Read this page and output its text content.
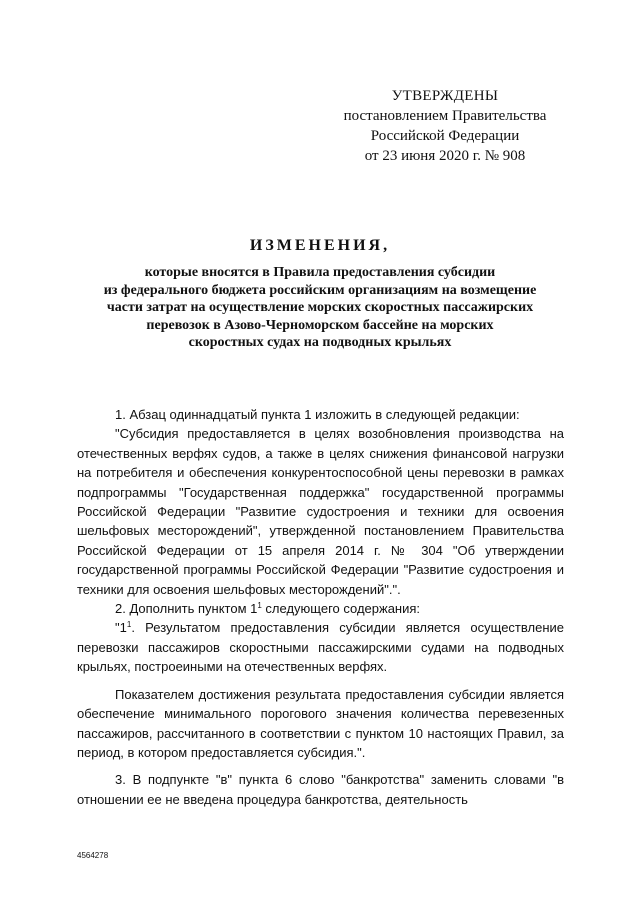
УТВЕРЖДЕНЫ
постановлением Правительства
Российской Федерации
от 23 июня 2020 г. № 908
ИЗМЕНЕНИЯ,
которые вносятся в Правила предоставления субсидии
из федерального бюджета российским организациям на возмещение
части затрат на осуществление морских скоростных пассажирских
перевозок в Азово-Черноморском бассейне на морских
скоростных судах на подводных крыльях

1. Абзац одиннадцатый пункта 1 изложить в следующей редакции:

"Субсидия предоставляется в целях возобновления производства на отечественных верфях судов, а также в целях снижения финансовой нагрузки на потребителя и обеспечения конкурентоспособной цены перевозки в рамках подпрограммы "Государственная поддержка" государственной программы Российской Федерации "Развитие судостроения и техники для освоения шельфовых месторождений", утвержденной постановлением Правительства Российской Федерации от 15 апреля 2014 г. № 304 "Об утверждении государственной программы Российской Федерации "Развитие судостроения и техники для освоения шельфовых месторождений".".

2. Дополнить пунктом $1^1$ следующего содержания:

"$1^1$. Результатом предоставления субсидии является осуществление перевозки пассажиров скоростными пассажирскими судами на подводных крыльях, построеиными на отечественных верфях.

Показателем достижения результата предоставления субсидии является обеспечение минимального порогового значения количества перевезенных пассажиров, рассчитанного в соответствии с пунктом 10 настоящих Правил, за период, в котором предоставляется субсидия.".

3. В подпункте "в" пункта 6 слово "банкротства" заменить словами "в отношении ее не введена процедура банкротства, деятельность

4564278
